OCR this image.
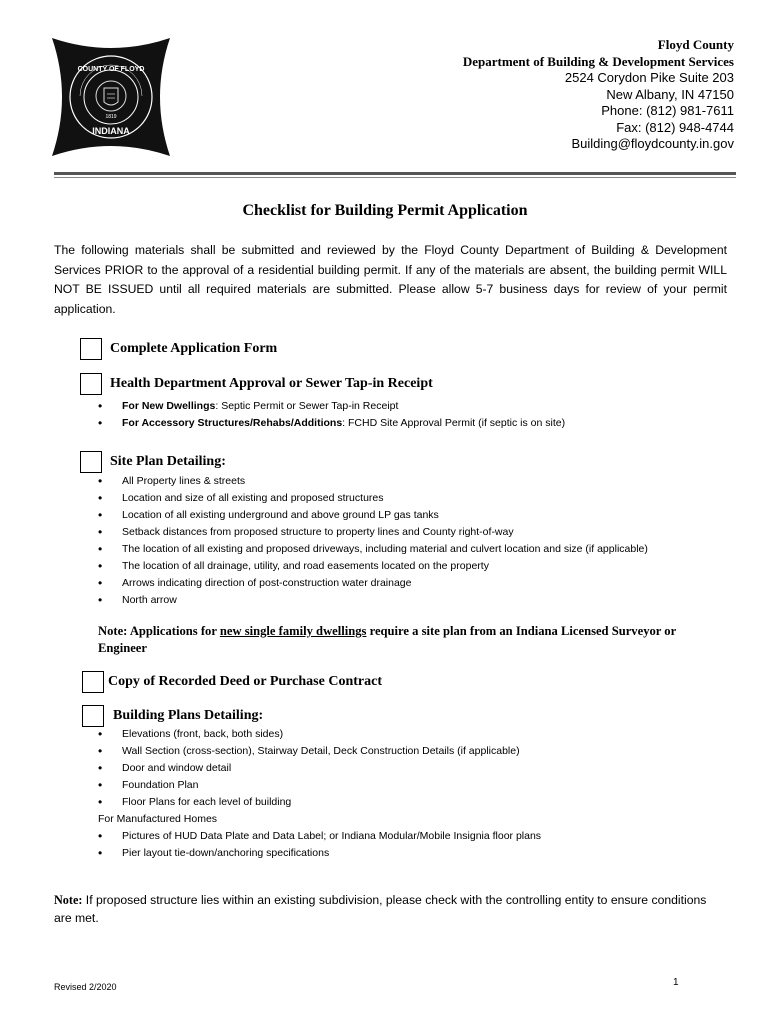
1819
COUNTY OF FLOYD
INDIANA
Floyd County
Department of Building & Development Services
2524 Corydon Pike Suite 203
New Albany, IN 47150
Phone: (812) 981-7611
Fax: (812) 948-4744
Building@floydcounty.in.gov
Checklist for Building Permit Application
The following materials shall be submitted and reviewed by the Floyd County Department of Building & Development Services PRIOR to the approval of a residential building permit. If any of the materials are absent, the building permit WILL NOT BE ISSUED until all required materials are submitted. Please allow 5-7 business days for review of your permit application.
Complete Application Form
Health Department Approval or Sewer Tap-in Receipt
• For New Dwellings: Septic Permit or Sewer Tap-in Receipt
• For Accessory Structures/Rehabs/Additions: FCHD Site Approval Permit (if septic is on site)
Site Plan Detailing:
• All Property lines & streets
• Location and size of all existing and proposed structures
• Location of all existing underground and above ground LP gas tanks
• Setback distances from proposed structure to property lines and County right-of-way
• The location of all existing and proposed driveways, including material and culvert location and size (if applicable)
• The location of all drainage, utility, and road easements located on the property
• Arrows indicating direction of post-construction water drainage
• North arrow
Note: Applications for new single family dwellings require a site plan from an Indiana Licensed Surveyor or Engineer
Copy of Recorded Deed or Purchase Contract
Building Plans Detailing:
• Elevations (front, back, both sides)
• Wall Section (cross-section), Stairway Detail, Deck Construction Details (if applicable)
• Door and window detail
• Foundation Plan
• Floor Plans for each level of building
For Manufactured Homes
• Pictures of HUD Data Plate and Data Label; or Indiana Modular/Mobile Insignia floor plans
• Pier layout tie-down/anchoring specifications
Note: If proposed structure lies within an existing subdivision, please check with the controlling entity to ensure conditions are met.
Revised 2/2020	1
